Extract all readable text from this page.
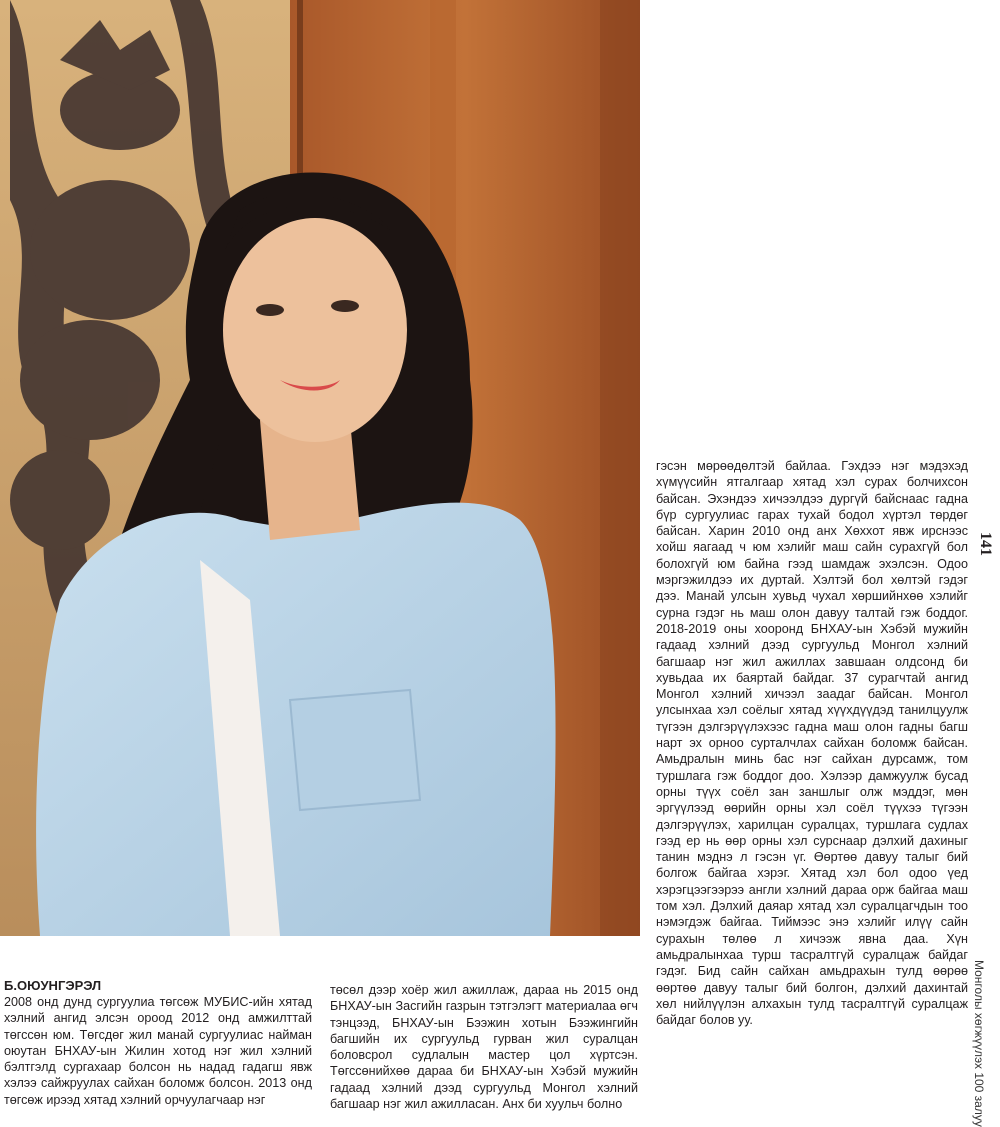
гэсэн мөрөөдөлтэй байлаа. Гэхдээ нэг мэдэхэд хүмүүсийн ятгалгаар хятад хэл сурах болчихсон байсан. Эхэндээ хичээлдээ дургүй байснаас гадна бүр сургуулиас гарах тухай бодол хүртэл төрдөг байсан. Харин 2010 онд анх Хөххот явж ирснээс хойш яагаад ч юм хэлийг маш сайн сурахгүй бол болохгүй юм байна гээд шамдаж эхэлсэн. Одоо мэргэжилдээ их дуртай. Хэлтэй бол хөлтэй гэдэг дээ. Манай улсын хувьд чухал хөршийнхөө хэлийг сурна гэдэг нь маш олон давуу талтай гэж боддог. 2018-2019 оны хооронд БНХАУ-ын Хэбэй мужийн гадаад хэлний дээд сургуульд Монгол хэлний багшаар нэг жил ажиллах завшаан олдсонд би хувьдаа их баяртай байдаг. 37 сурагчтай ангид Монгол хэлний хичээл заадаг байсан. Монгол улсынхаа хэл соёлыг хятад хүүхдүүдэд танилцуулж түгээн дэлгэрүүлэхээс гадна маш олон гадны багш нарт эх орноо сурталчлах сайхан боломж байсан. Амьдралын минь бас нэг сайхан дурсамж, том туршлага гэж боддог доо. Хэлээр дамжуулж бусад орны түүх соёл зан заншлыг олж мэддэг, мөн эргүүлээд өөрийн орны хэл соёл түүхээ түгээн дэлгэрүүлэх, харилцан суралцах, туршлага судлах гээд ер нь өөр орны хэл сурснаар дэлхий дахиныг танин мэднэ л гэсэн үг. Өөртөө давуу талыг бий болгож байгаа хэрэг. Хятад хэл бол одоо үед хэрэгцээгээрээ англи хэлний дараа орж байгаа маш том хэл. Дэлхий даяар хятад хэл суралцагчдын тоо нэмэгдэж байгаа. Тиймээс энэ хэлийг илүү сайн сурахын төлөө л хичээж явна даа. Хүн амьдралынхаа турш тасралтгүй суралцаж байдаг гэдэг. Бид сайн сайхан амьдрахын тулд өөрөө өөртөө давуу талыг бий болгон, дэлхий дахинтай хөл нийлүүлэн алхахын тулд тасралтгүй суралцаж байдаг болов уу.

Б.ОЮУНГЭРЭЛ

2008 онд дунд сургуулиа төгсөж МУБИС-ийн хятад хэлний ангид элсэн ороод 2012 онд амжилттай төгссөн юм. Төгсдөг жил манай сургуулиас найман оюутан БНХАУ-ын Жилин хотод нэг жил хэлний бэлтгэлд сургахаар болсон нь надад гадагш явж хэлээ сайжруулах сайхан боломж болсон. 2013 онд төгсөж ирээд хятад хэлний орчуулагчаар нэг

төсөл дээр хоёр жил ажиллаж, дараа нь 2015 онд БНХАУ-ын Засгийн газрын тэтгэлэгт материалаа өгч тэнцээд, БНХАУ-ын Бээжин хотын Бээжингийн багшийн их сургуульд гурван жил суралцан боловсрол судлалын мастер цол хүртсэн. Төгссөнийхөө дараа би БНХАУ-ын Хэбэй мужийн гадаад хэлний дээд сургуульд Монгол хэлний багшаар нэг жил ажилласан. Анх би хуульч болно

141
Монголы хөгжүүлэх 100 залуу
